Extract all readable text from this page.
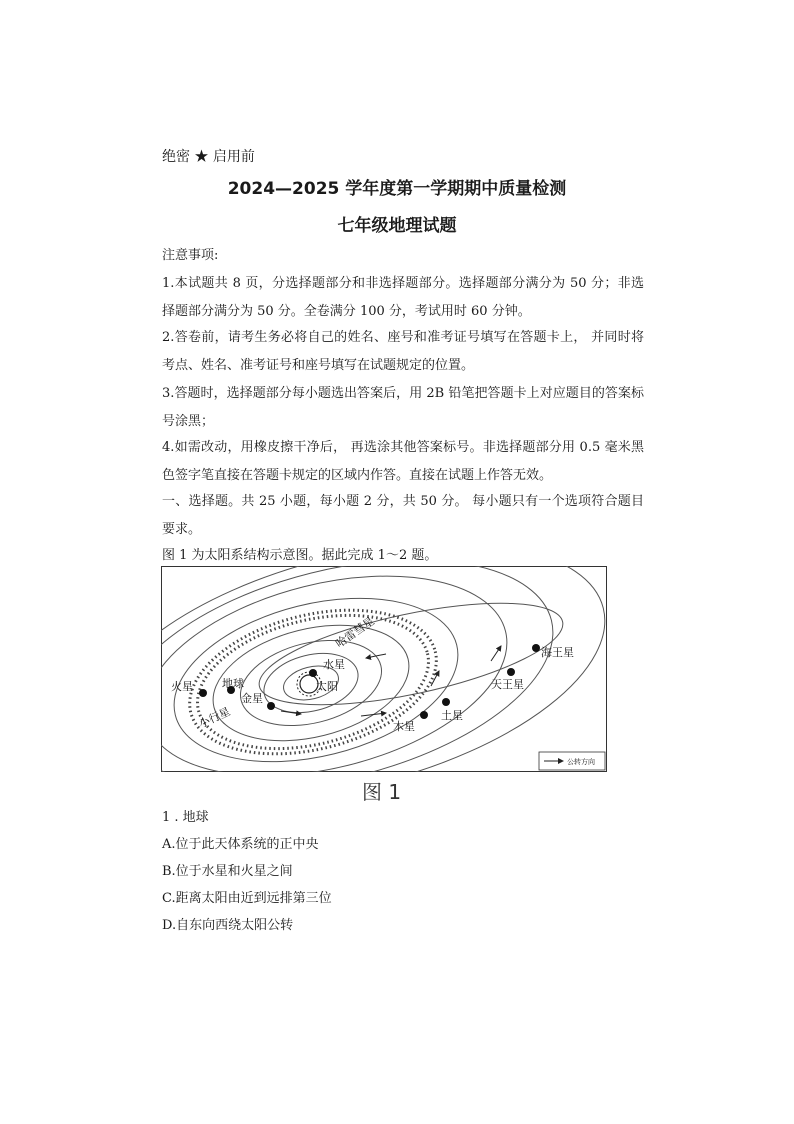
绝密 ★ 启用前
2024—2025 学年度第一学期期中质量检测
七年级地理试题
注意事项:
1.本试题共 8 页，分选择题部分和非选择题部分。选择题部分满分为 50 分；非选择题部分满分为 50 分。全卷满分 100 分，考试用时 60 分钟。
2.答卷前，请考生务必将自己的姓名、座号和准考证号填写在答题卡上， 并同时将考点、姓名、准考证号和座号填写在试题规定的位置。
3.答题时，选择题部分每小题选出答案后，用 2B 铅笔把答题卡上对应题目的答案标号涂黑；
4.如需改动，用橡皮擦干净后， 再选涂其他答案标号。非选择题部分用 0.5 毫米黑色签字笔直接在答题卡规定的区域内作答。直接在试题上作答无效。
一、选择题。共 25 小题，每小题 2 分，共 50 分。 每小题只有一个选项符合题目要求。
图 1 为太阳系结构示意图。据此完成 1～2 题。
水星
太阳
金星
地球
火星
木星
土星
天王星
海王星
小行星
哈雷彗星
公转方向
图 1
1 . 地球
A.位于此天体系统的正中央
B.位于水星和火星之间
C.距离太阳由近到远排第三位
D.自东向西绕太阳公转
